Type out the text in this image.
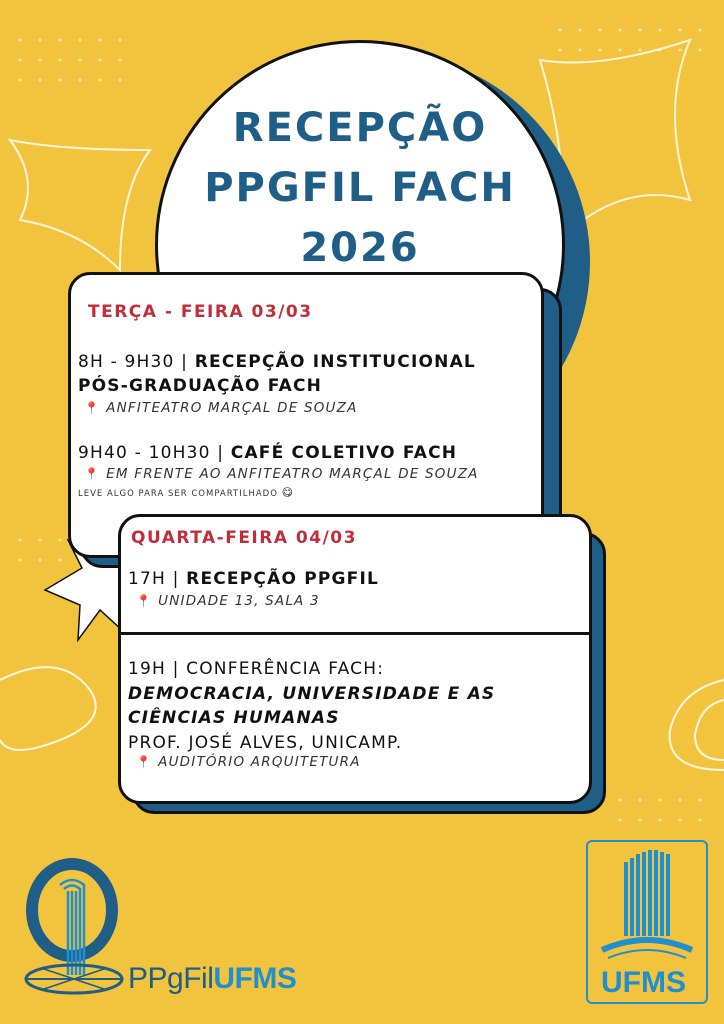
RECEPÇÃO
PPGFIL FACH
2026
TERÇA - FEIRA 03/03
8H - 9H30 | RECEPÇÃO INSTITUCIONAL
PÓS-GRADUAÇÃO FACH
📍 ANFITEATRO MARÇAL DE SOUZA
9H40 - 10H30 | CAFÉ COLETIVO FACH
📍 EM FRENTE AO ANFITEATRO MARÇAL DE SOUZA
LEVE ALGO PARA SER COMPARTILHADO 😋
QUARTA-FEIRA 04/03
17H | RECEPÇÃO PPGFIL
📍 UNIDADE 13, SALA 3
19H | CONFERÊNCIA FACH:
DEMOCRACIA, UNIVERSIDADE E AS
CIÊNCIAS HUMANAS
PROF. JOSÉ ALVES, UNICAMP.
📍 AUDITÓRIO ARQUITETURA
PPgFilUFMS	UFMS
